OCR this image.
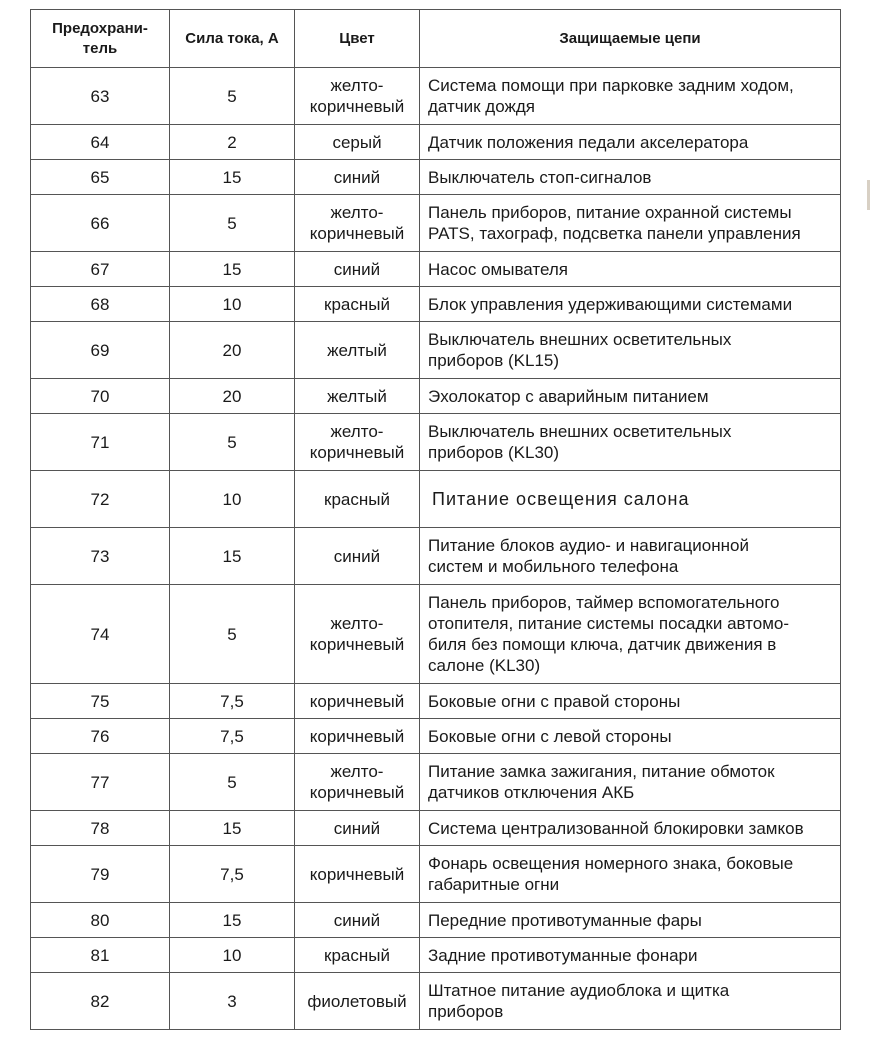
Предохрани-
тель	Сила тока, А	Цвет	Защищаемые цепи
63	5	желто-
коричневый	Система помощи при парковке задним ходом,
датчик дождя
64	2	серый	Датчик положения педали акселератора
65	15	синий	Выключатель стоп-сигналов
66	5	желто-
коричневый	Панель приборов, питание охранной системы
PATS, тахограф, подсветка панели управления
67	15	синий	Насос омывателя
68	10	красный	Блок управления удерживающими системами
69	20	желтый	Выключатель внешних осветительных
приборов (KL15)
70	20	желтый	Эхолокатор с аварийным питанием
71	5	желто-
коричневый	Выключатель внешних осветительных
приборов (KL30)
72	10	красный	Питание освещения салона
73	15	синий	Питание блоков аудио- и навигационной
систем и мобильного телефона
74	5	желто-
коричневый	Панель приборов, таймер вспомогательного
отопителя, питание системы посадки автомо-
биля без помощи ключа, датчик движения в
салоне (KL30)
75	7,5	коричневый	Боковые огни с правой стороны
76	7,5	коричневый	Боковые огни с левой стороны
77	5	желто-
коричневый	Питание замка зажигания, питание обмоток
датчиков отключения АКБ
78	15	синий	Система централизованной блокировки замков
79	7,5	коричневый	Фонарь освещения номерного знака, боковые
габаритные огни
80	15	синий	Передние противотуманные фары
81	10	красный	Задние противотуманные фонари
82	3	фиолетовый	Штатное питание аудиоблока и щитка
приборов
